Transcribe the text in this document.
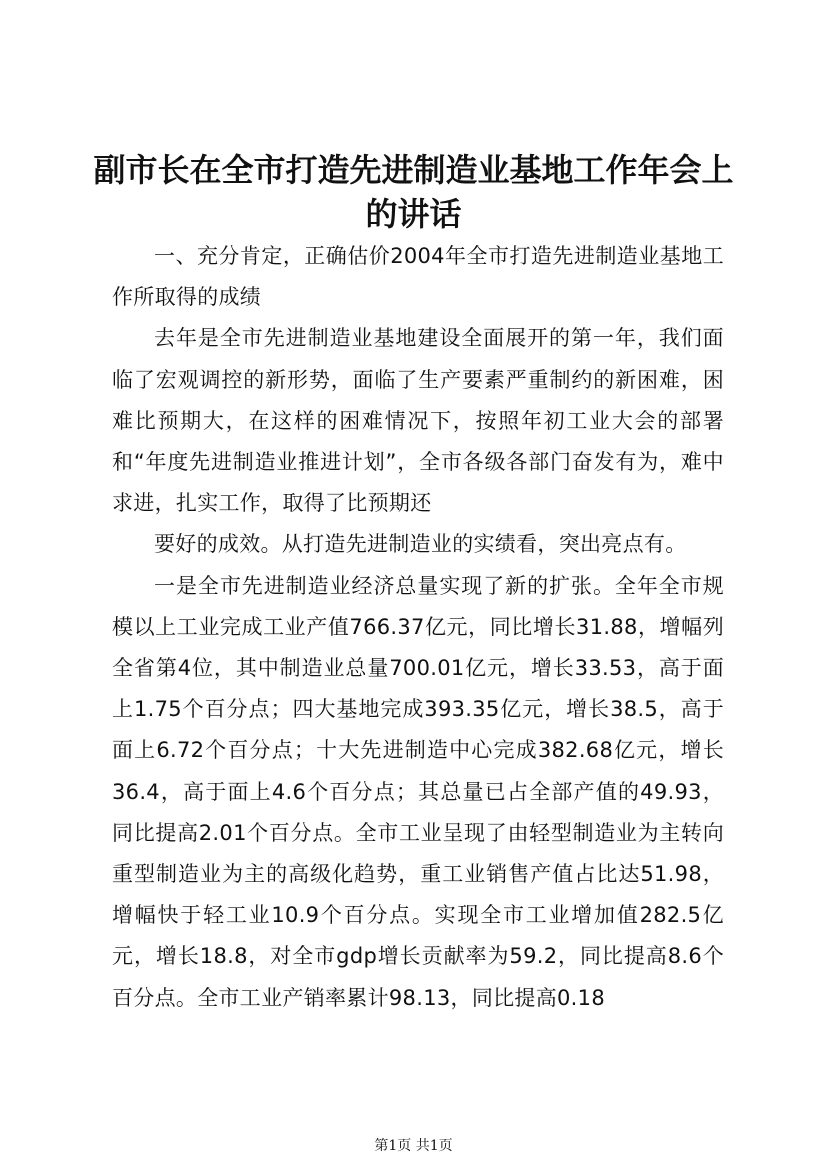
副市长在全市打造先进制造业基地工作年会上
的讲话

一、充分肯定，正确估价2004年全市打造先进制造业基地工作所取得的成绩

去年是全市先进制造业基地建设全面展开的第一年，我们面临了宏观调控的新形势，面临了生产要素严重制约的新困难，困难比预期大，在这样的困难情况下，按照年初工业大会的部署和“年度先进制造业推进计划”，全市各级各部门奋发有为，难中求进，扎实工作，取得了比预期还

要好的成效。从打造先进制造业的实绩看，突出亮点有。

一是全市先进制造业经济总量实现了新的扩张。全年全市规模以上工业完成工业产值766.37亿元，同比增长31.88，增幅列全省第4位，其中制造业总量700.01亿元，增长33.53，高于面上1.75个百分点；四大基地完成393.35亿元，增长38.5，高于面上6.72个百分点；十大先进制造中心完成382.68亿元，增长36.4，高于面上4.6个百分点；其总量已占全部产值的49.93，同比提高2.01个百分点。全市工业呈现了由轻型制造业为主转向重型制造业为主的高级化趋势，重工业销售产值占比达51.98，增幅快于轻工业10.9个百分点。实现全市工业增加值282.5亿元，增长18.8，对全市gdp增长贡献率为59.2，同比提高8.6个百分点。全市工业产销率累计98.13，同比提高0.18

第1页 共1页
